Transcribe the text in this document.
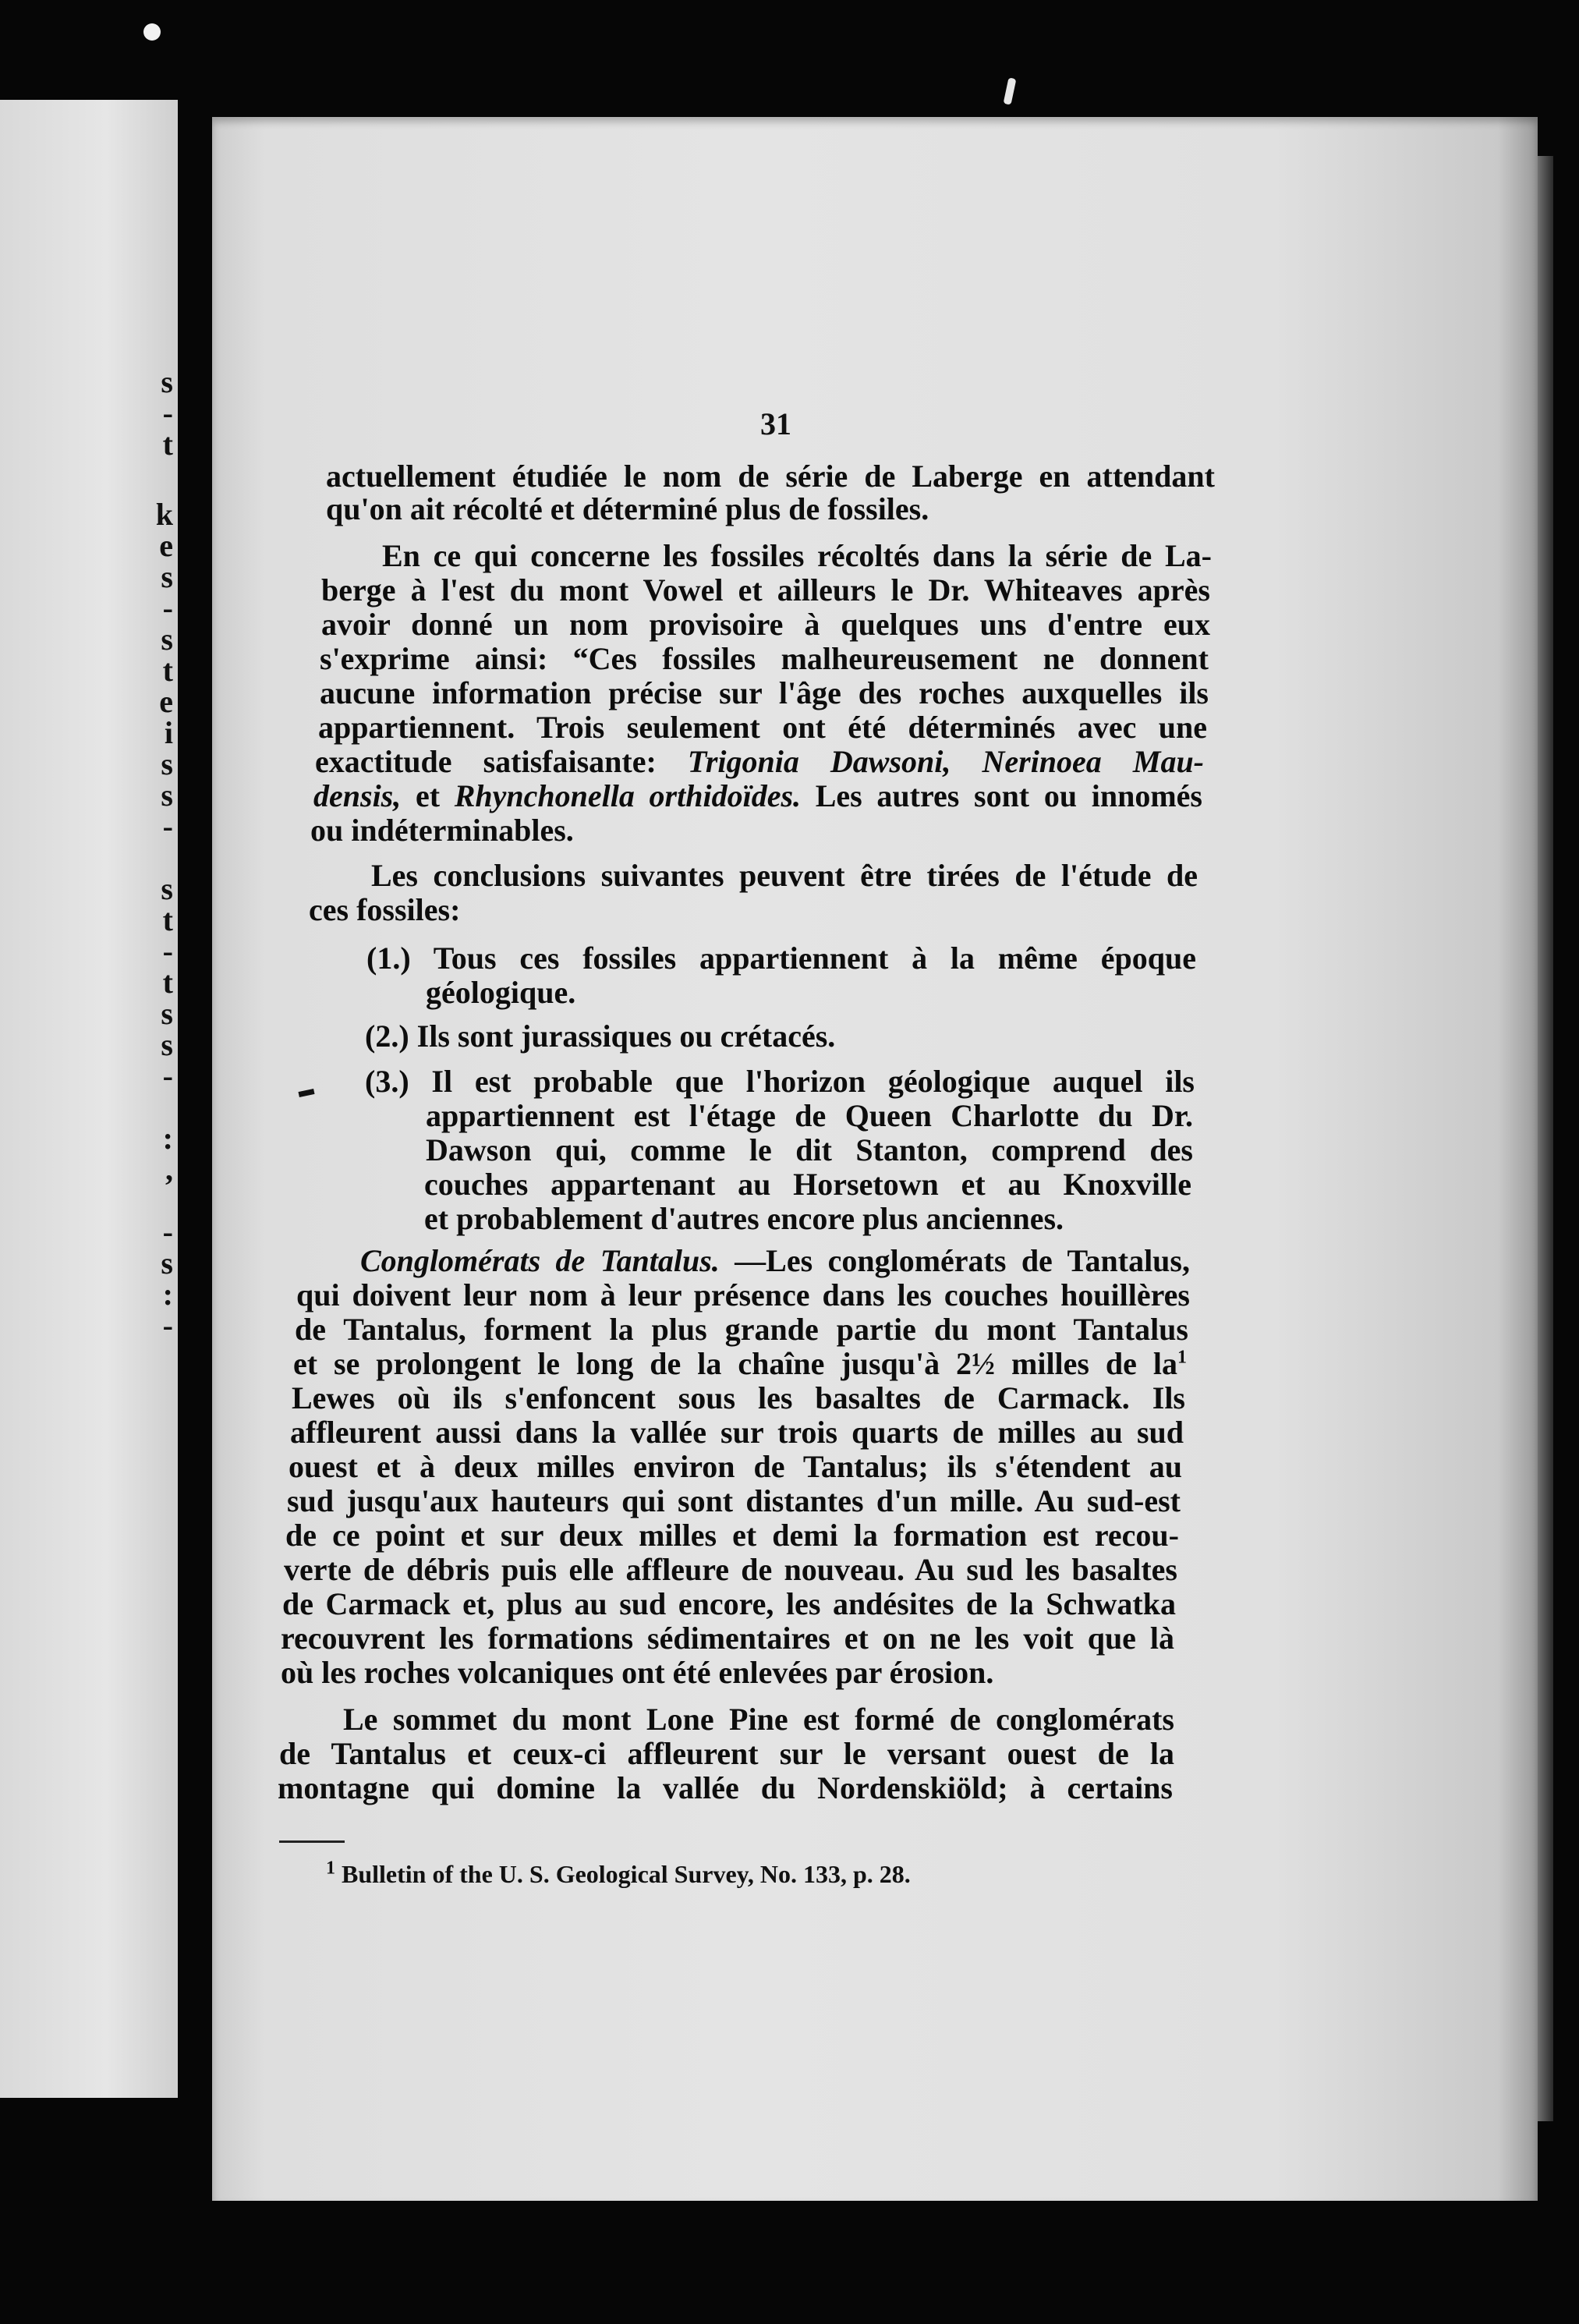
s
-
t
k
e
s
-
s
t
e
i
s
s
-
s
t
-
t
s
s
-
:
,
-
s
:
-
31
actuellement étudiée le nom de série de Laberge en attendant
qu'on ait récolté et déterminé plus de fossiles.
En ce qui concerne les fossiles récoltés dans la série de La-
berge à l'est du mont Vowel et ailleurs le Dr. Whiteaves après
avoir donné un nom provisoire à quelques uns d'entre eux
s'exprime ainsi: “Ces fossiles malheureusement ne donnent
aucune information précise sur l'âge des roches auxquelles ils
appartiennent. Trois seulement ont été déterminés avec une
exactitude satisfaisante: Trigonia Dawsoni, Nerinoea Mau-
densis, et Rhynchonella orthidoïdes. Les autres sont ou innomés
ou indéterminables.
Les conclusions suivantes peuvent être tirées de l'étude de
ces fossiles:
(1.) Tous ces fossiles appartiennent à la même époque
géologique.
(2.) Ils sont jurassiques ou crétacés.
(3.) Il est probable que l'horizon géologique auquel ils
appartiennent est l'étage de Queen Charlotte du Dr.
Dawson qui, comme le dit Stanton, comprend des
couches appartenant au Horsetown et au Knoxville
et probablement d'autres encore plus anciennes.
Conglomérats de Tantalus. —Les conglomérats de Tantalus,
qui doivent leur nom à leur présence dans les couches houillères
de Tantalus, forment la plus grande partie du mont Tantalus
et se prolongent le long de la chaîne jusqu'à 2½ milles de $la^1$
Lewes où ils s'enfoncent sous les basaltes de Carmack. Ils
affleurent aussi dans la vallée sur trois quarts de milles au sud
ouest et à deux milles environ de Tantalus; ils s'étendent au
sud jusqu'aux hauteurs qui sont distantes d'un mille. Au sud-est
de ce point et sur deux milles et demi la formation est recou-
verte de débris puis elle affleure de nouveau. Au sud les basaltes
de Carmack et, plus au sud encore, les andésites de la Schwatka
recouvrent les formations sédimentaires et on ne les voit que là
où les roches volcaniques ont été enlevées par érosion.
Le sommet du mont Lone Pine est formé de conglomérats
de Tantalus et ceux-ci affleurent sur le versant ouest de la
montagne qui domine la vallée du Nordenskiöld; à certains
$^1$ Bulletin of the U. S. Geological Survey, No. 133, p. 28.
